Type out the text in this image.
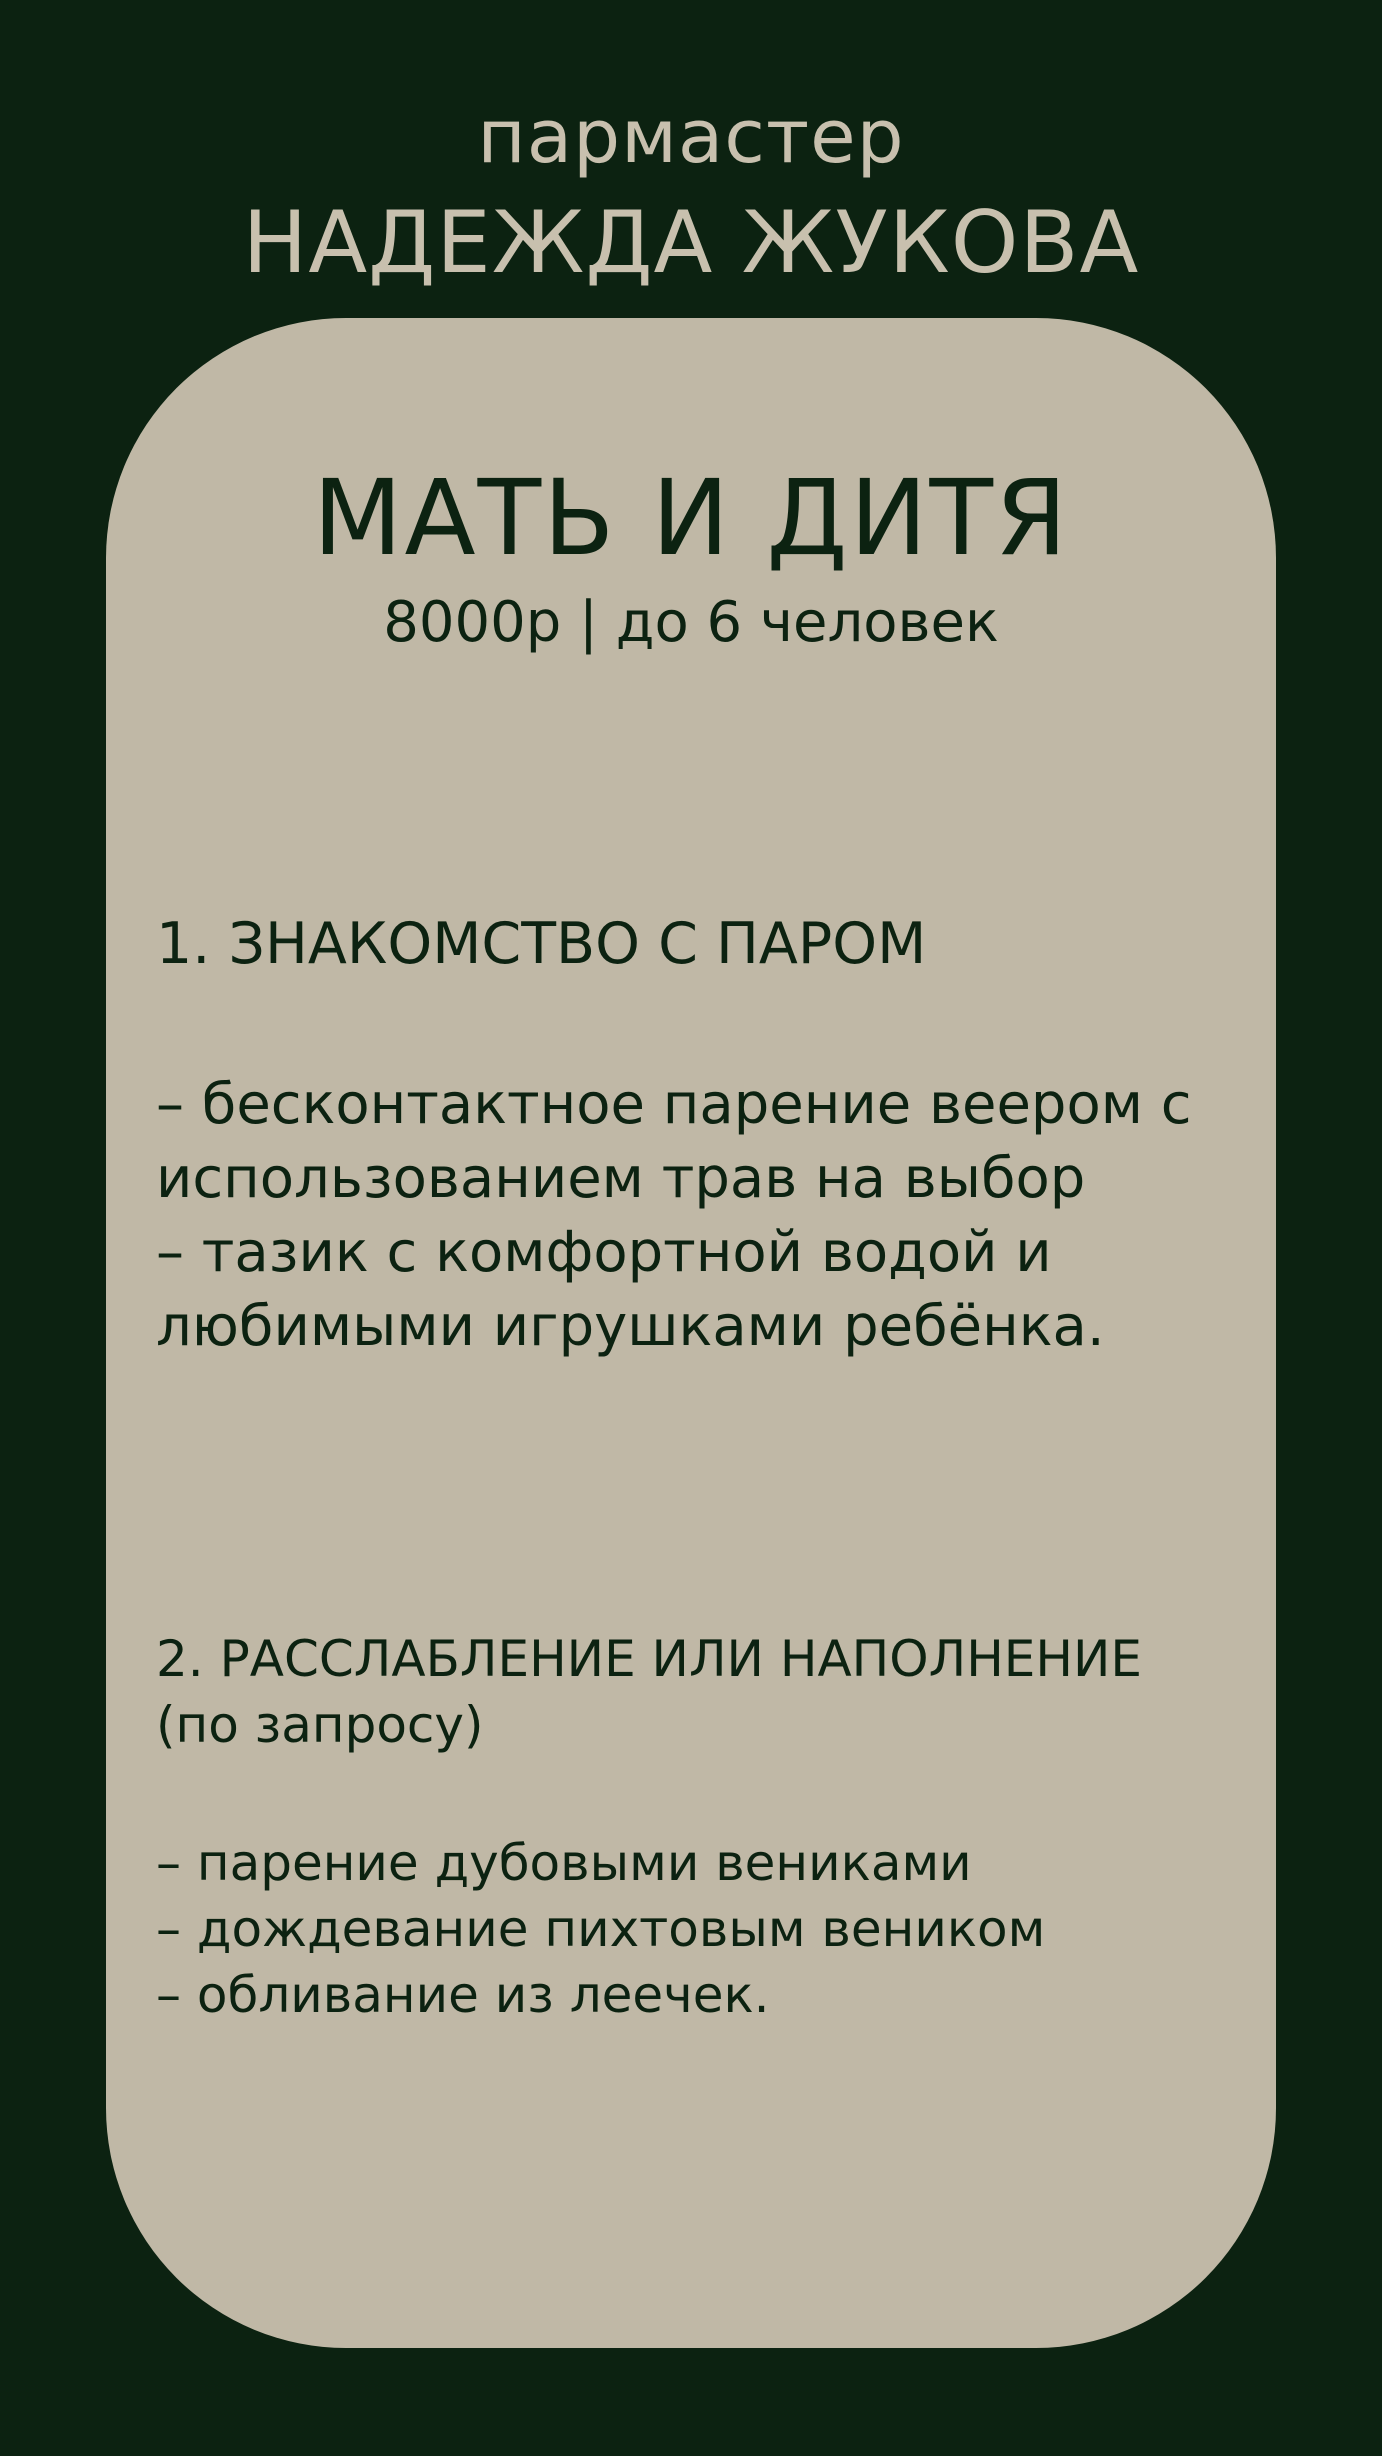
пармастер
НАДЕЖДА ЖУКОВА
МАТЬ И ДИТЯ
8000р | до 6 человек
1. ЗНАКОМСТВО С ПАРОМ
– бесконтактное парение веером с
использованием трав на выбор
– тазик с комфортной водой и
любимыми игрушками ребёнка.
2. РАССЛАБЛЕНИЕ ИЛИ НАПОЛНЕНИЕ
(по запросу)
– парение дубовыми вениками
– дождевание пихтовым веником
– обливание из леечек.
